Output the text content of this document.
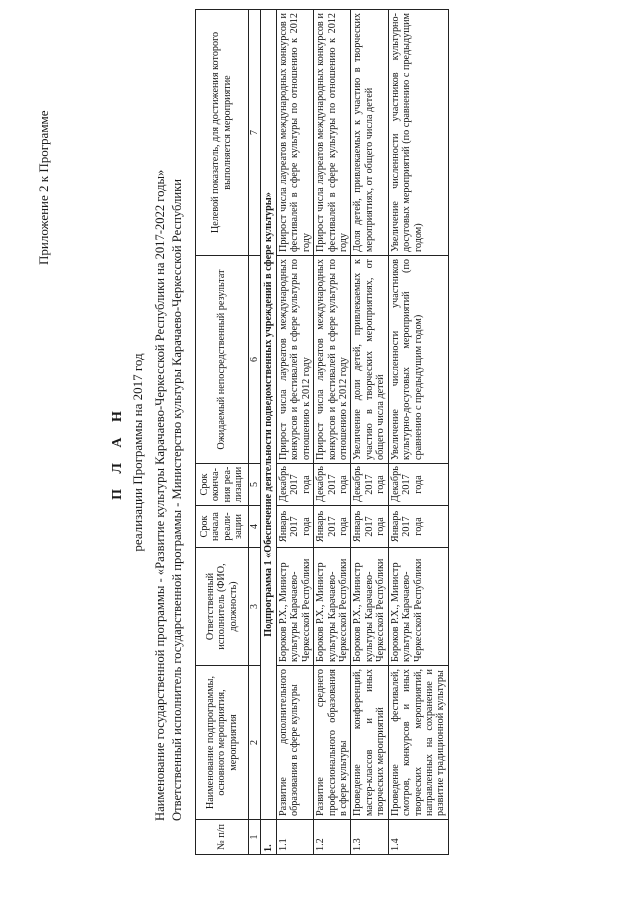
Приложение 2 к Программе
П Л А Н реализации Программы на 2017 год Наименование государственной программы - «Развитие культуры Карачаево-Черкесской Республики на 2017-2022 годы» Ответственный исполнитель государственной программы - Министерство культуры Карачаево-Черкесской Республики
№ п/п	Наименование подпрограммы, основного мероприятия, мероприятия	Ответственный исполнитель (ФИО, должность)	Срок начала реали-зации	Срок оконча-ния реа-лизации	Ожидаемый непосредственный результат	Целевой показатель, для достижения которого выполняется мероприятие
1	2	3	4	5	6	7
1.	Подпрограмма 1 «Обеспечение деятельности подведомственных учреждений в сфере культуры»					
1.1	Развитие дополнительного образования в сфере культуры	Бороков Р.Х., Министр культуры Карачаево-Черкесской Республики	Январь 2017 года	Декабрь 2017 года	Прирост числа лауреатов международных конкурсов и фестивалей в сфере культуры по отношению к 2012 году	Прирост числа лауреатов международных конкурсов и фестивалей в сфере культуры по отношению к 2012 году
1.2	Развитие среднего профессионального образования в сфере культуры	Бороков Р.Х., Министр культуры Карачаево-Черкесской Республики	Январь 2017 года	Декабрь 2017 года	Прирост числа лауреатов международных конкурсов и фестивалей в сфере культуры по отношению к 2012 году	Прирост числа лауреатов международных конкурсов и фестивалей в сфере культуры по отношению к 2012 году
1.3	Проведение конференций, мастер-классов и иных творческих мероприятий	Бороков Р.Х., Министр культуры Карачаево-Черкесской Республики	Январь 2017 года	Декабрь 2017 года	Увеличение доли детей, привлекаемых к участию в творческих мероприятиях, от общего числа детей	Доля детей, привлекаемых к участию в творческих мероприятиях, от общего числа детей
1.4	Проведение фестивалей, смотров, конкурсов и иных творческих мероприятий, направленных на сохранение и развитие традиционной культуры	Бороков Р.Х., Министр культуры Карачаево-Черкесской Республики	Январь 2017 года	Декабрь 2017 года	Увеличение численности участников культурно-досуговых мероприятий (по сравнению с предыдущим годом)	Увеличение численности участников культурно-досуговых мероприятий (по сравнению с предыдущим годом)
